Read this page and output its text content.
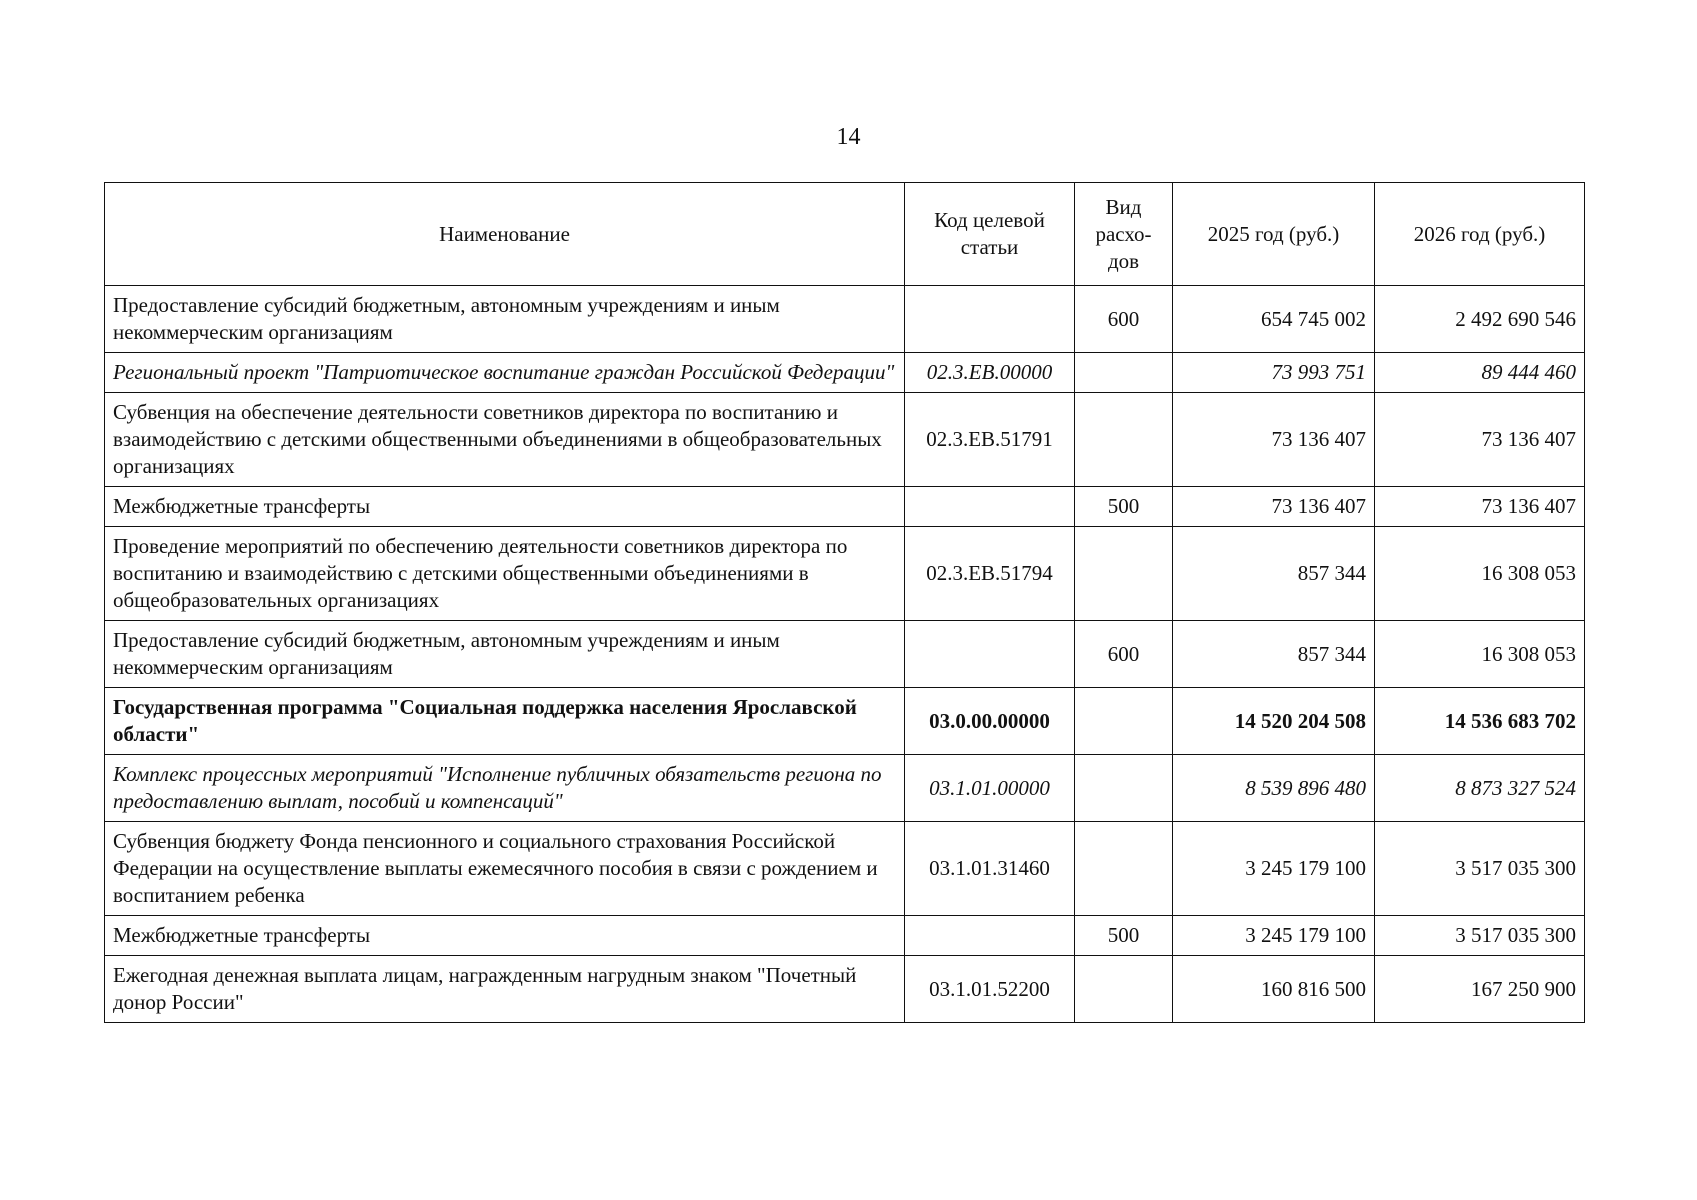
14
Наименование	Код целевой статьи	Вид расхо-дов	2025 год (руб.)	2026 год (руб.)
Предоставление субсидий бюджетным, автономным учреждениям и иным некоммерческим организациям		600	654 745 002	2 492 690 546
Региональный проект "Патриотическое воспитание граждан Российской Федерации"	02.3.ЕВ.00000		73 993 751	89 444 460
Субвенция на обеспечение деятельности советников директора по воспитанию и взаимодействию с детскими общественными объединениями в общеобразовательных организациях	02.3.ЕВ.51791		73 136 407	73 136 407
Межбюджетные трансферты		500	73 136 407	73 136 407
Проведение мероприятий по обеспечению деятельности советников директора по воспитанию и взаимодействию с детскими общественными объединениями в общеобразовательных организациях	02.3.ЕВ.51794		857 344	16 308 053
Предоставление субсидий бюджетным, автономным учреждениям и иным некоммерческим организациям		600	857 344	16 308 053
Государственная программа "Социальная поддержка населения Ярославской области"	03.0.00.00000		14 520 204 508	14 536 683 702
Комплекс процессных мероприятий "Исполнение публичных обязательств региона по предоставлению выплат, пособий и компенсаций"	03.1.01.00000		8 539 896 480	8 873 327 524
Субвенция бюджету Фонда пенсионного и социального страхования Российской Федерации на осуществление выплаты ежемесячного пособия в связи с рождением и воспитанием ребенка	03.1.01.31460		3 245 179 100	3 517 035 300
Межбюджетные трансферты		500	3 245 179 100	3 517 035 300
Ежегодная денежная выплата лицам, награжденным нагрудным знаком "Почетный донор России"	03.1.01.52200		160 816 500	167 250 900
